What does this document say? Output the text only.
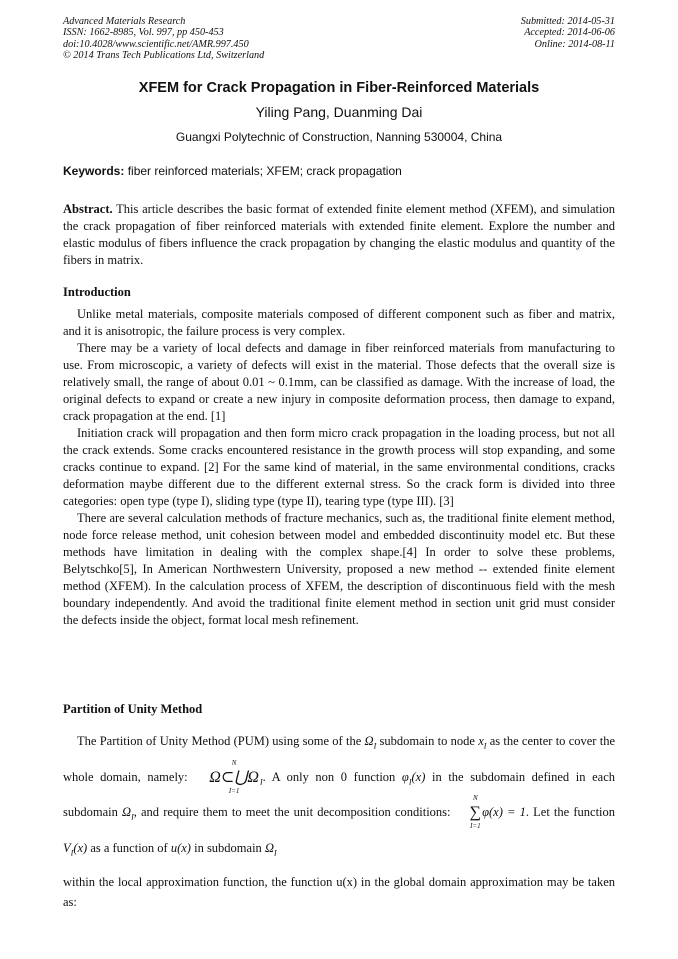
Advanced Materials Research
ISSN: 1662-8985, Vol. 997, pp 450-453
doi:10.4028/www.scientific.net/AMR.997.450
© 2014 Trans Tech Publications Ltd, Switzerland
Submitted: 2014-05-31
Accepted: 2014-06-06
Online: 2014-08-11
XFEM for Crack Propagation in Fiber-Reinforced Materials
Yiling Pang, Duanming Dai
Guangxi Polytechnic of Construction, Nanning 530004, China
Keywords: fiber reinforced materials; XFEM; crack propagation
Abstract. This article describes the basic format of extended finite element method (XFEM), and simulation the crack propagation of fiber reinforced materials with extended finite element. Explore the number and elastic modulus of fibers influence the crack propagation by changing the elastic modulus and quantity of the fibers in matrix.
Introduction

Unlike metal materials, composite materials composed of different component such as fiber and matrix, and it is anisotropic, the failure process is very complex.

There may be a variety of local defects and damage in fiber reinforced materials from manufacturing to use. From microscopic, a variety of defects will exist in the material. Those defects that the overall size is relatively small, the range of about 0.01 ~ 0.1mm, can be classified as damage. With the increase of load, the original defects to expand or create a new injury in composite deformation process, then damage to expand, crack propagation at the end. [1]

Initiation crack will propagation and then form micro crack propagation in the loading process, but not all the crack extends. Some cracks encountered resistance in the growth process will stop expanding, and some cracks continue to expand. [2] For the same kind of material, in the same environmental conditions, cracks deformation maybe different due to the different external stress. So the crack form is divided into three categories: open type (type I), sliding type (type II), tearing type (type III). [3]

There are several calculation methods of fracture mechanics, such as, the traditional finite element method, node force release method, unit cohesion between model and embedded discontinuity model etc. But these methods have limitation in dealing with the complex shape.[4] In order to solve these problems, Belytschko[5], In American Northwestern University, proposed a new method -- extended finite element method (XFEM). In the calculation process of XFEM, the description of discontinuous field with the mesh boundary independently. And avoid the traditional finite element method in section unit grid must consider the defects inside the object, format local mesh refinement.

Partition of Unity Method

The Partition of Unity Method (PUM) using some of the $\Omega_I$ subdomain to node $x_I$ as the center to cover the whole domain, namely:
N
Ω⊂⋃Ω
I=1
$_I$. A only non 0 function $\varphi_I(x)$ in the subdomain defined in each subdomain $\Omega_I$, and require them to meet the unit decomposition conditions:
N
∑
I=1
φ(x) = 1. Let the function $V_I(x)$ as a function of u(x) in subdomain $\Omega_I$

within the local approximation function, the function u(x) in the global domain approximation may be taken as:
